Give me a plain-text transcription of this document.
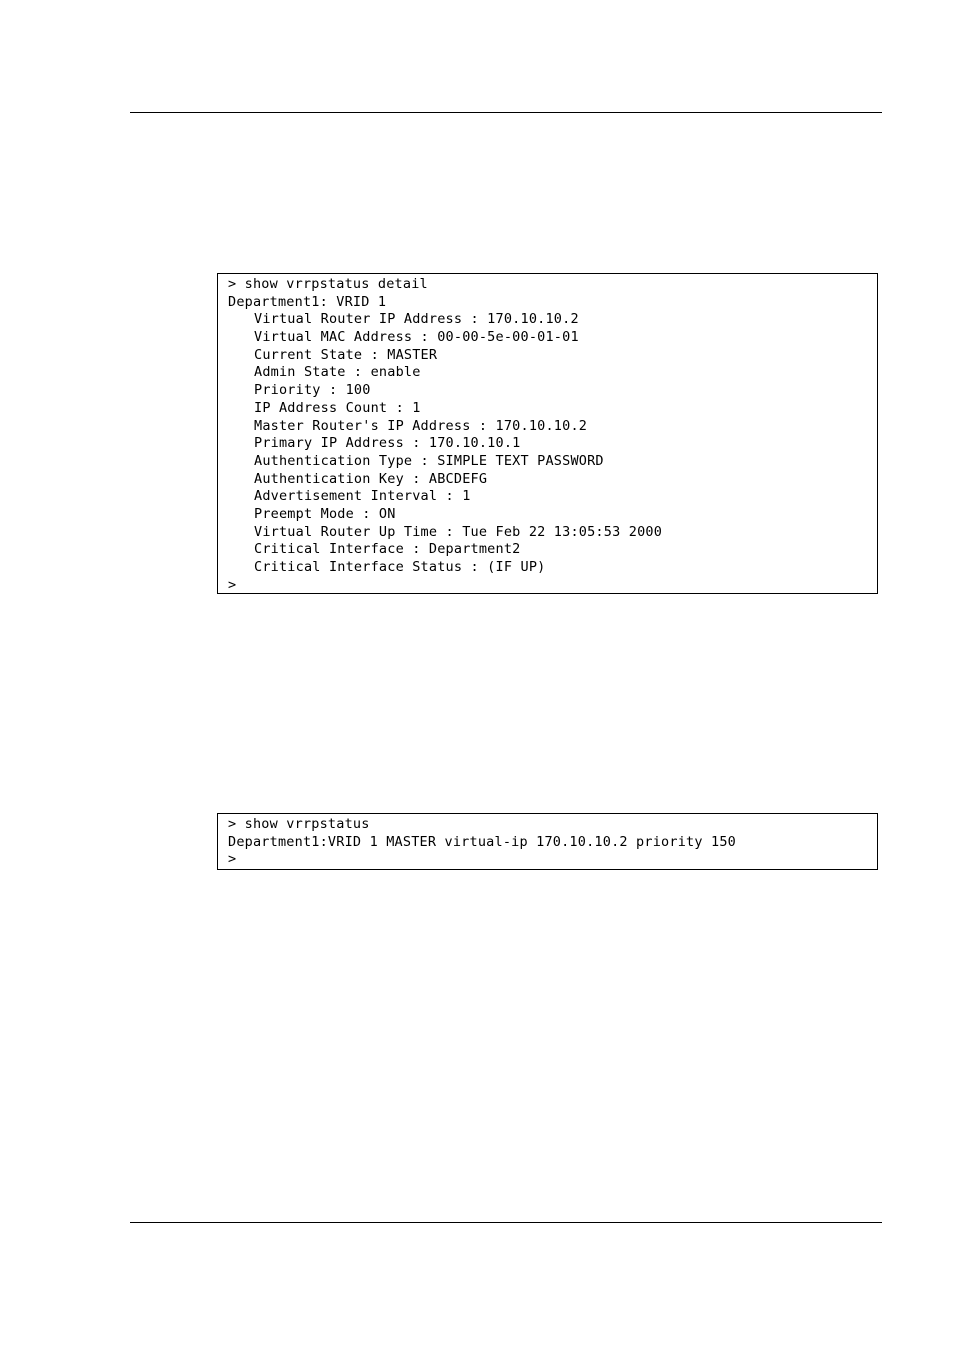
> show vrrpstatus detail
Department1: VRID 1
Virtual Router IP Address : 170.10.10.2
Virtual MAC Address : 00-00-5e-00-01-01
Current State : MASTER
Admin State : enable
Priority : 100
IP Address Count : 1
Master Router's IP Address : 170.10.10.2
Primary IP Address : 170.10.10.1
Authentication Type : SIMPLE TEXT PASSWORD
Authentication Key : ABCDEFG
Advertisement Interval : 1
Preempt Mode : ON
Virtual Router Up Time : Tue Feb 22 13:05:53 2000
Critical Interface : Department2
Critical Interface Status : (IF UP)
>
> show vrrpstatus
Department1:VRID 1 MASTER virtual-ip 170.10.10.2 priority 150
>
